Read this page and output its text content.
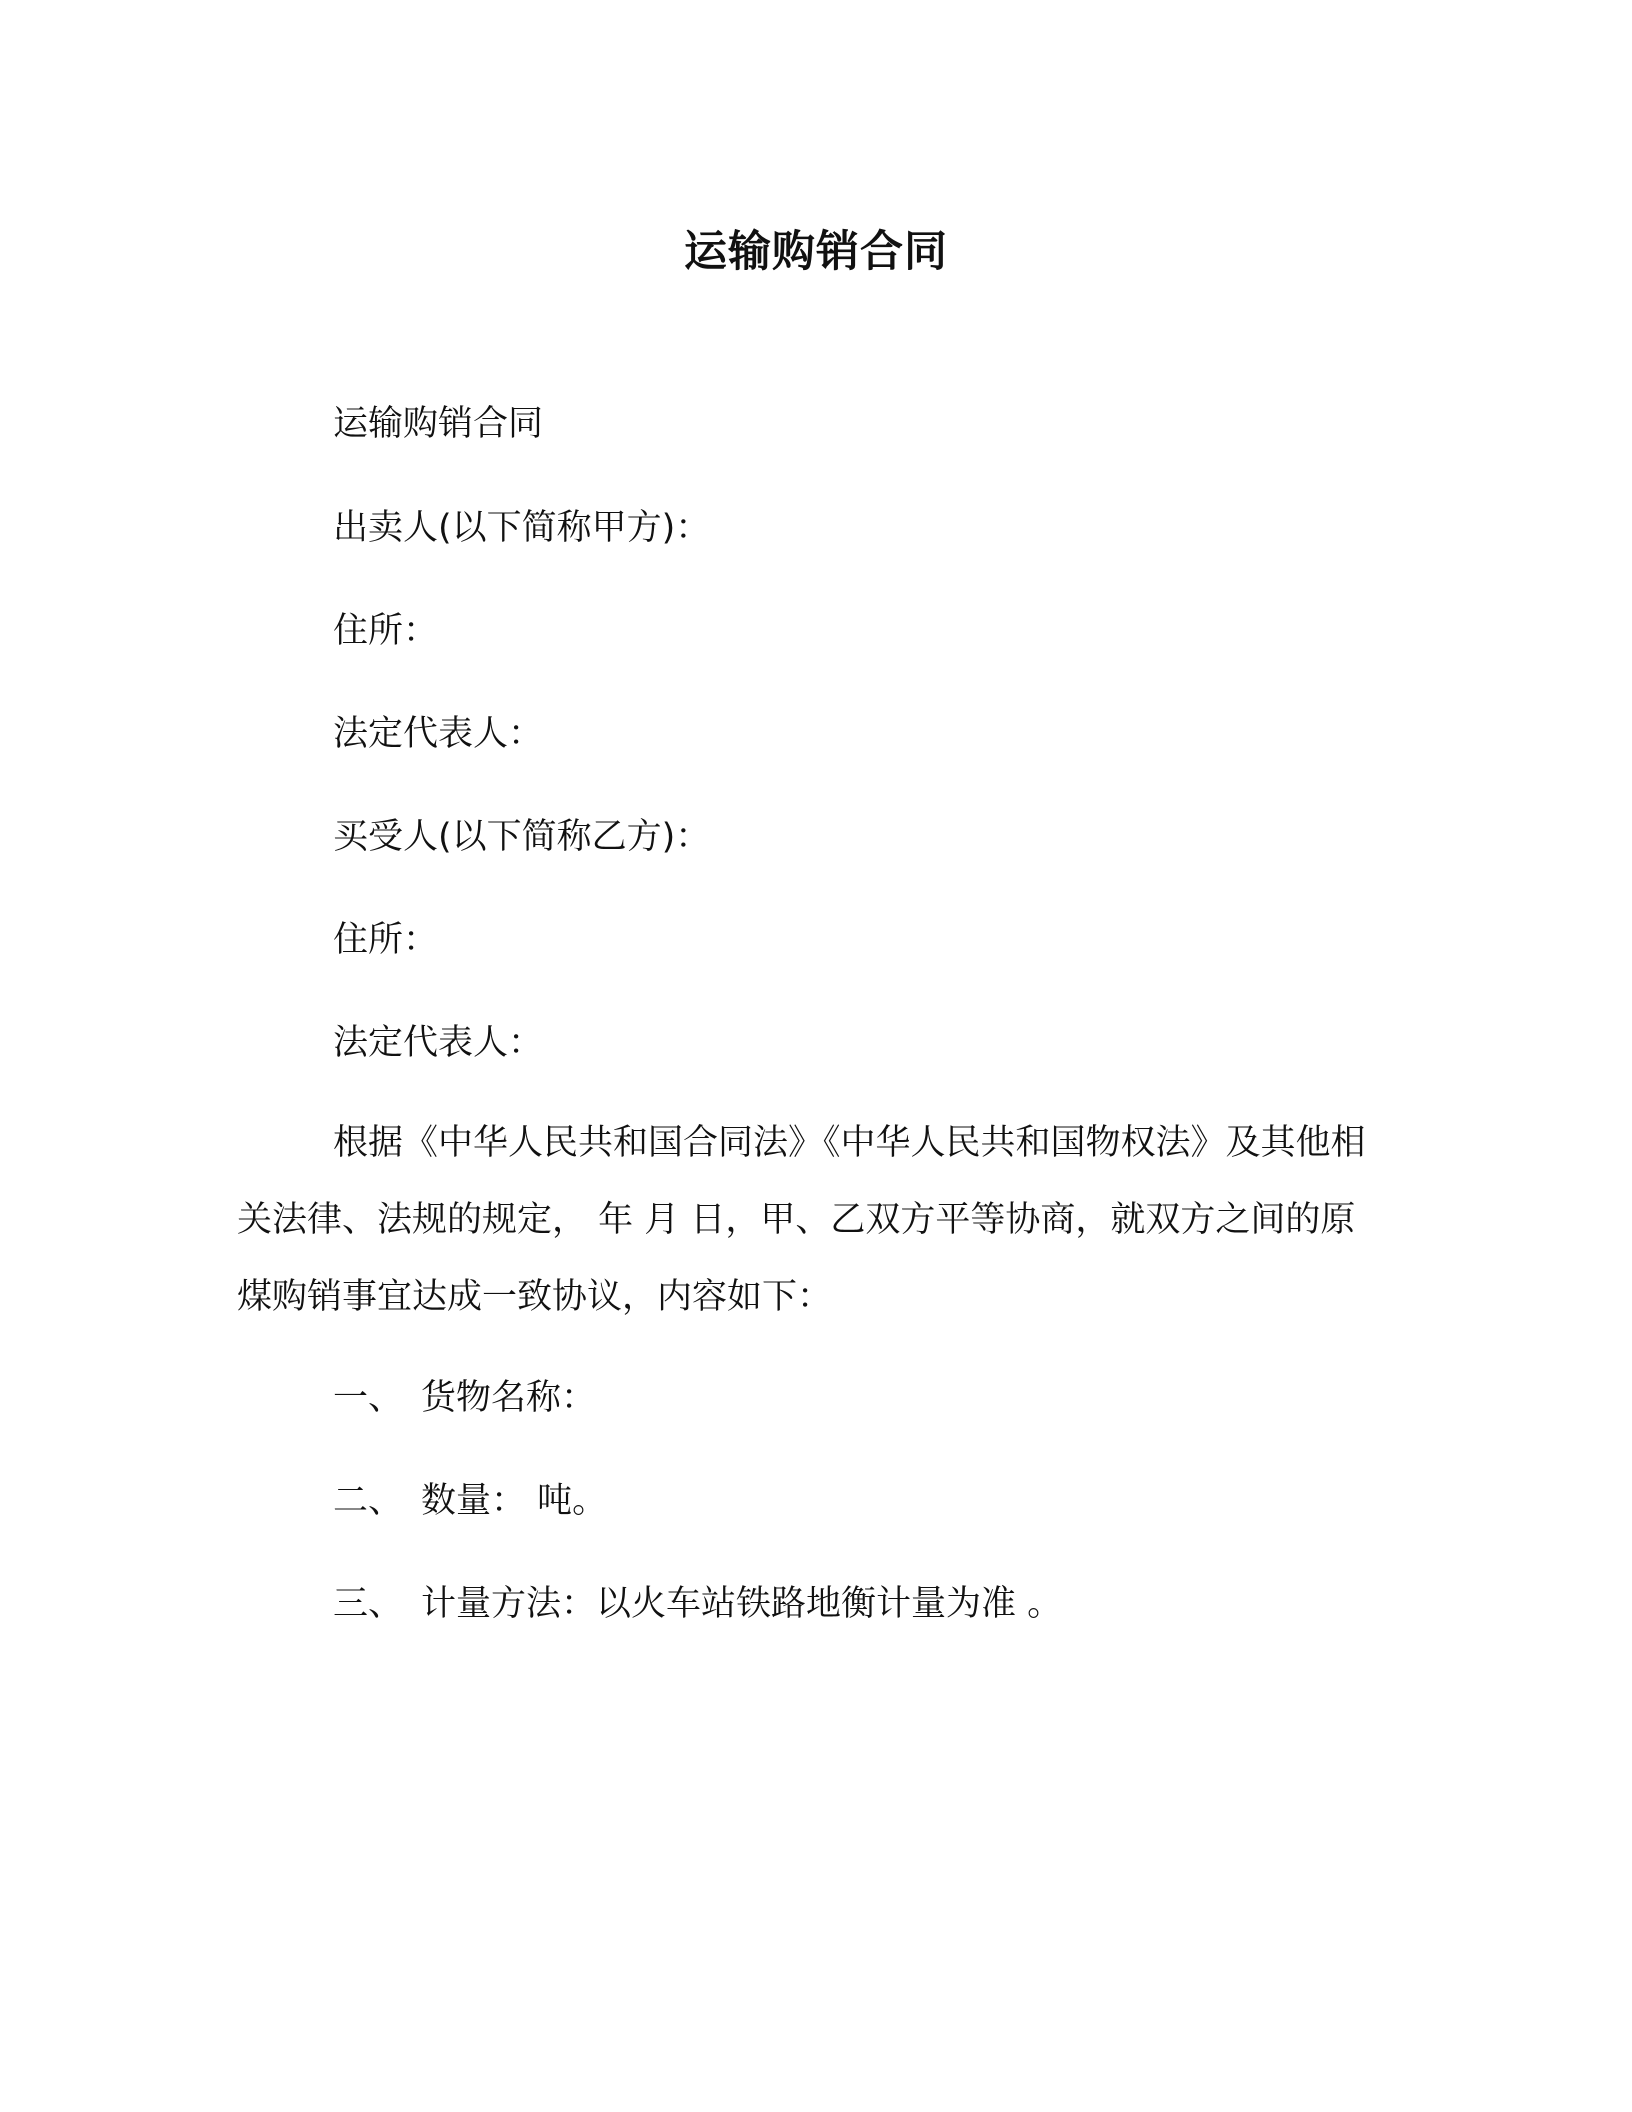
运输购销合同
运输购销合同
出卖人(以下简称甲方)：
住所：
法定代表人：
买受人(以下简称乙方)：
住所：
法定代表人：

根据《中华人民共和国合同法》《中华人民共和国物权法》及其他相关法律、法规的规定， 年 月 日，甲、乙双方平等协商，就双方之间的原煤购销事宜达成一致协议，内容如下：

一、 货物名称：
二、 数量： 吨。
三、 计量方法：以火车站铁路地衡计量为准 。
